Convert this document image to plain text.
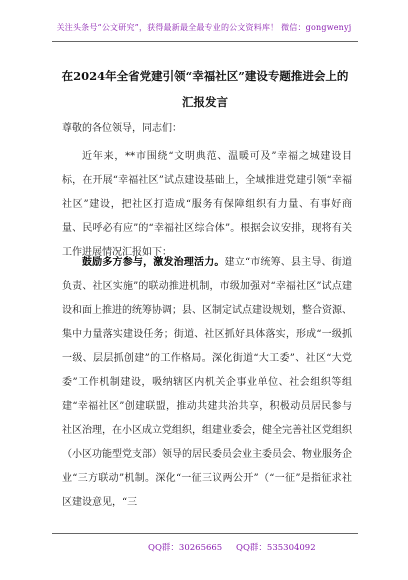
关注头条号“公文研究”，获得最新最全最专业的公文资料库！ 微信：gongwenyj
在2024年全省党建引领“幸福社区”建设专题推进会上的
汇报发言

尊敬的各位领导，同志们：

近年来，**市围绕“文明典范、温暖可及”幸福之城建设目标，在开展“幸福社区”试点建设基础上，全域推进党建引领“幸福社区”建设，把社区打造成“服务有保障组织有力量、有事好商量、民呼必有应”的“幸福社区综合体”。根据会议安排，现将有关工作进展情况汇报如下：

鼓励多方参与，激发治理活力。建立“市统筹、县主导、街道负责、社区实施”的联动推进机制，市级加强对“幸福社区”试点建设和面上推进的统筹协调；县、区制定试点建设规划，整合资源、集中力量落实建设任务；街道、社区抓好具体落实，形成“一级抓一级、层层抓创建”的工作格局。深化街道“大工委”、社区“大党委”工作机制建设，吸纳辖区内机关企事业单位、社会组织等组建“幸福社区”创建联盟，推动共建共治共享，积极动员居民参与社区治理，在小区成立党组织，组建业委会，健全完善社区党组织（小区功能型党支部）领导的居民委员会业主委员会、物业服务企业“三方联动”机制。深化“一征三议两公开”（“一征”是指征求社区建设意见，“三

QQ群：30265665 QQ群：535304092
